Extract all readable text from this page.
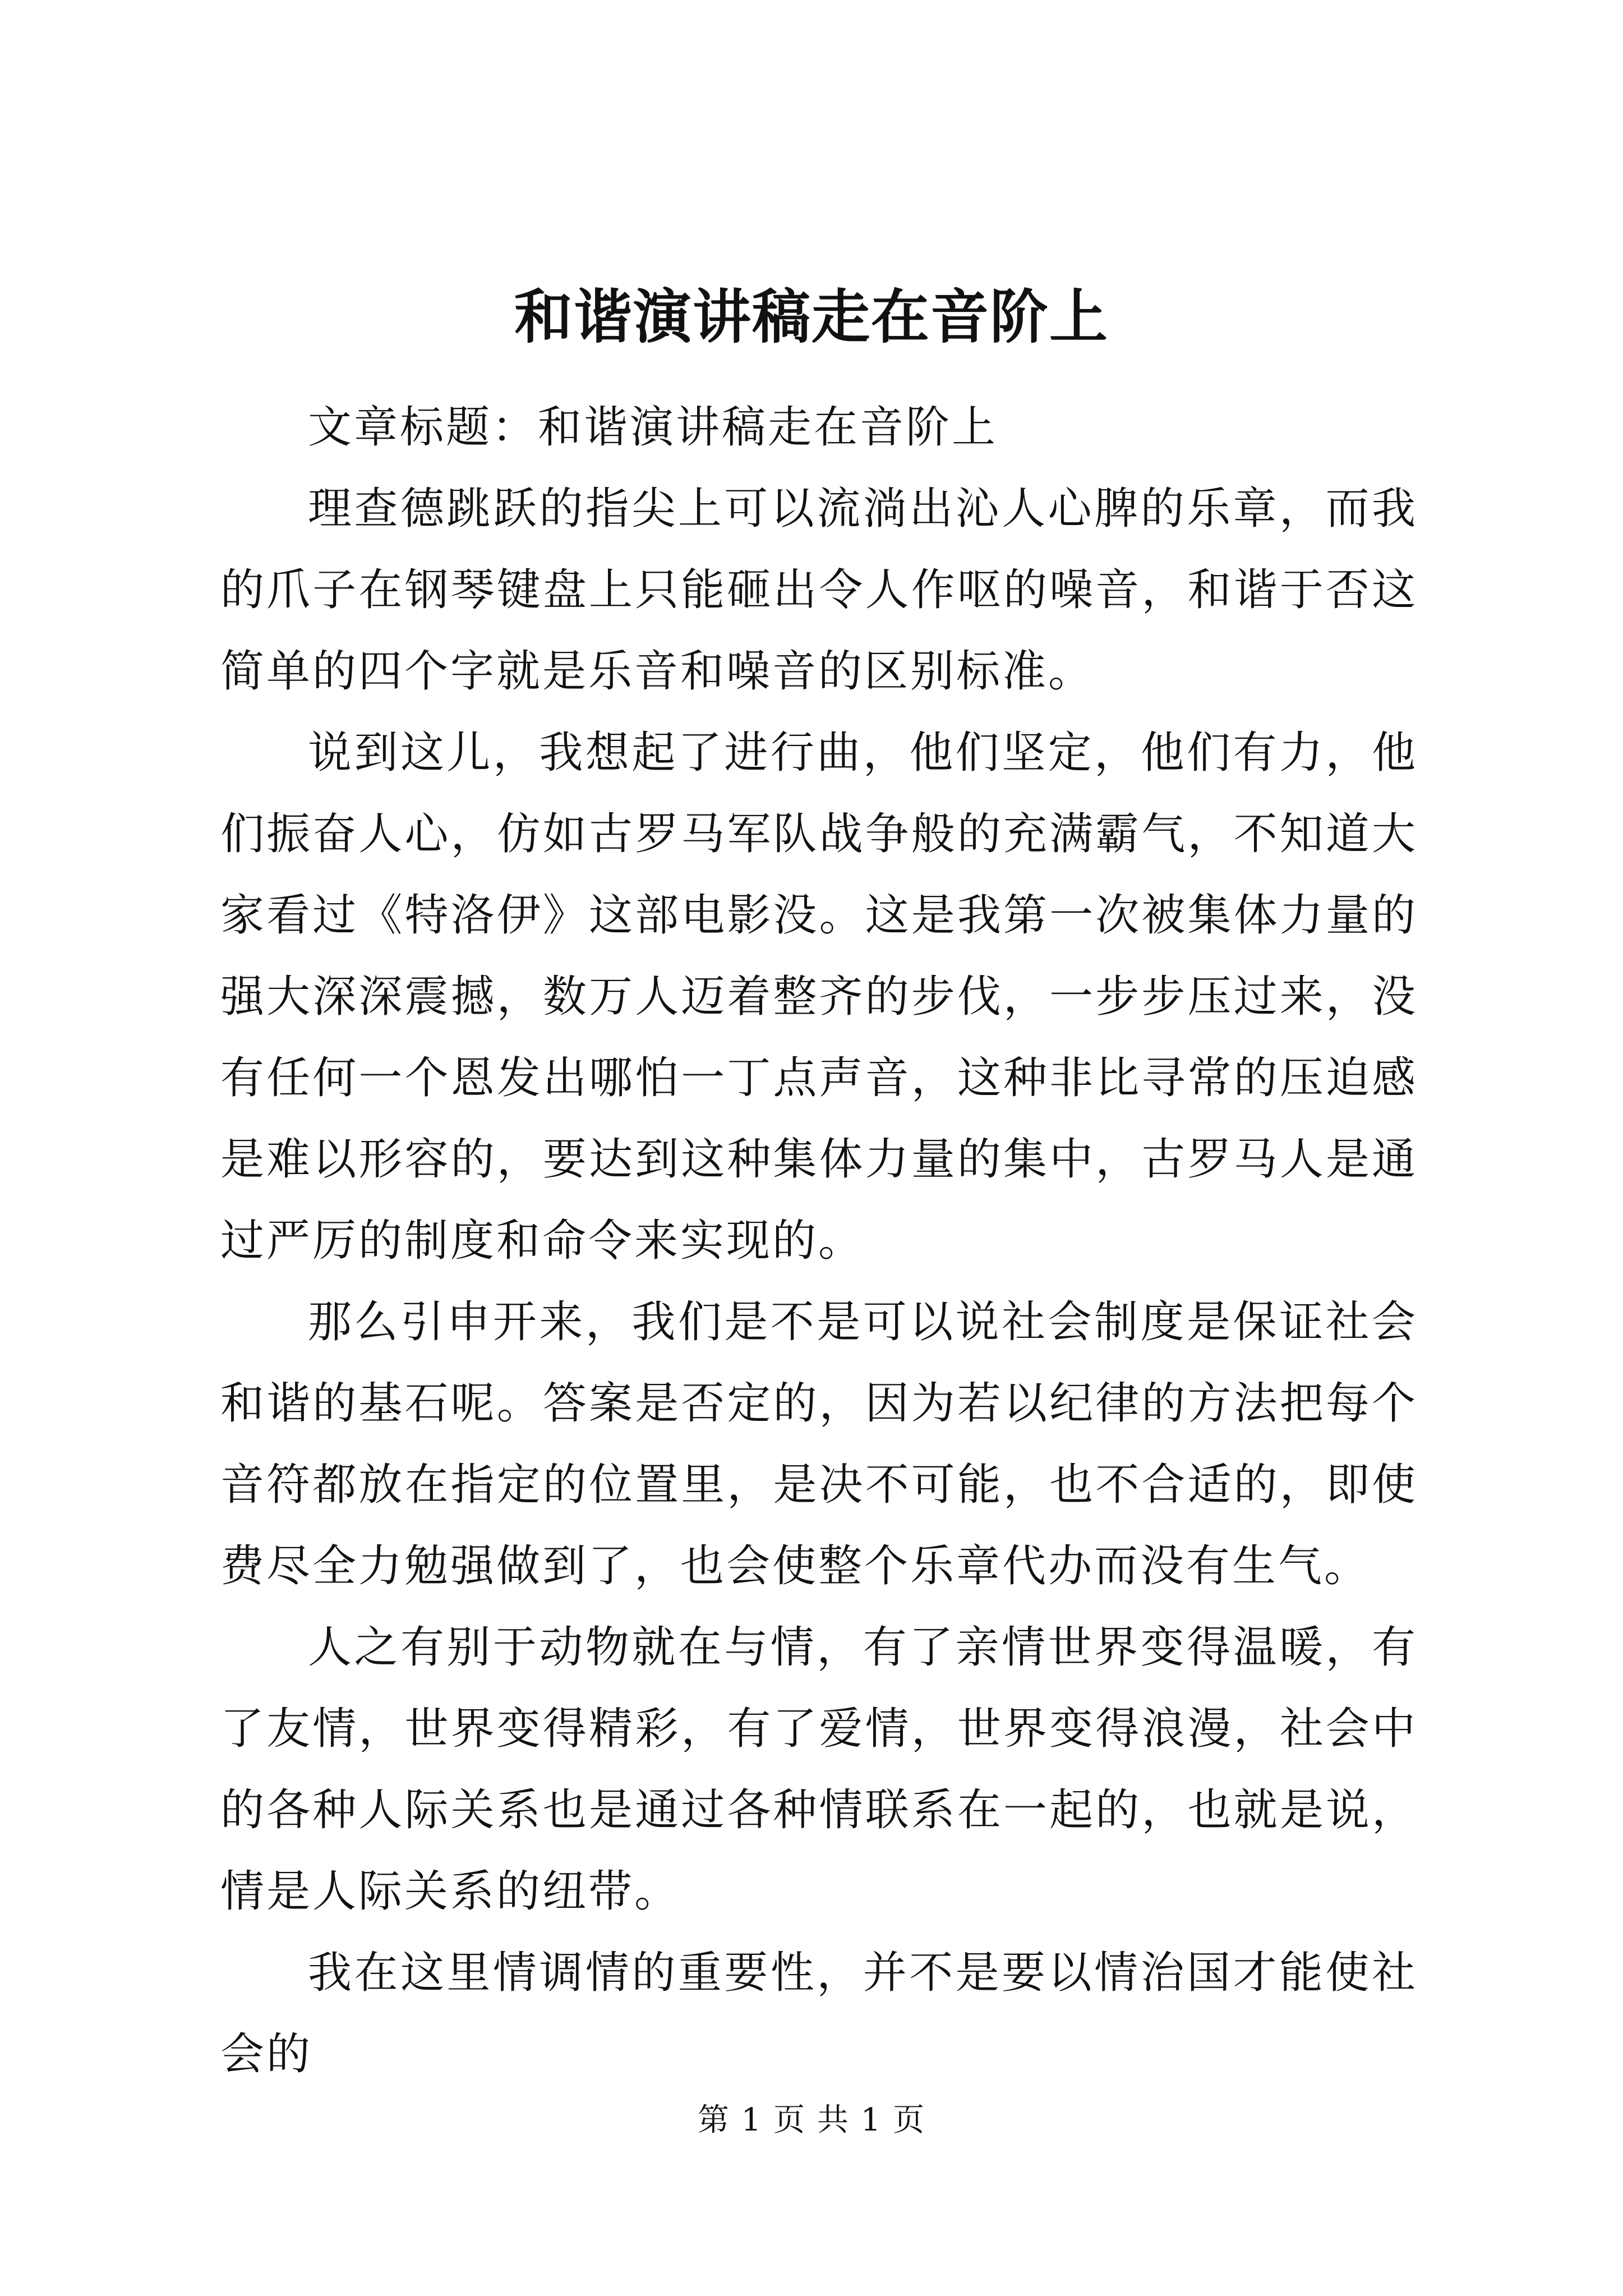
和谐演讲稿走在音阶上

文章标题：和谐演讲稿走在音阶上

理查德跳跃的指尖上可以流淌出沁人心脾的乐章，而我的爪子在钢琴键盘上只能砸出令人作呕的噪音，和谐于否这简单的四个字就是乐音和噪音的区别标准。

说到这儿，我想起了进行曲，他们坚定，他们有力，他们振奋人心，仿如古罗马军队战争般的充满霸气，不知道大家看过《特洛伊》这部电影没。这是我第一次被集体力量的强大深深震撼，数万人迈着整齐的步伐，一步步压过来，没有任何一个恩发出哪怕一丁点声音，这种非比寻常的压迫感是难以形容的，要达到这种集体力量的集中，古罗马人是通过严厉的制度和命令来实现的。

那么引申开来，我们是不是可以说社会制度是保证社会和谐的基石呢。答案是否定的，因为若以纪律的方法把每个音符都放在指定的位置里，是决不可能，也不合适的，即使费尽全力勉强做到了，也会使整个乐章代办而没有生气。

人之有别于动物就在与情，有了亲情世界变得温暖，有了友情，世界变得精彩，有了爱情，世界变得浪漫，社会中的各种人际关系也是通过各种情联系在一起的，也就是说，情是人际关系的纽带。

我在这里情调情的重要性，并不是要以情治国才能使社会的

第 1 页 共 1 页
